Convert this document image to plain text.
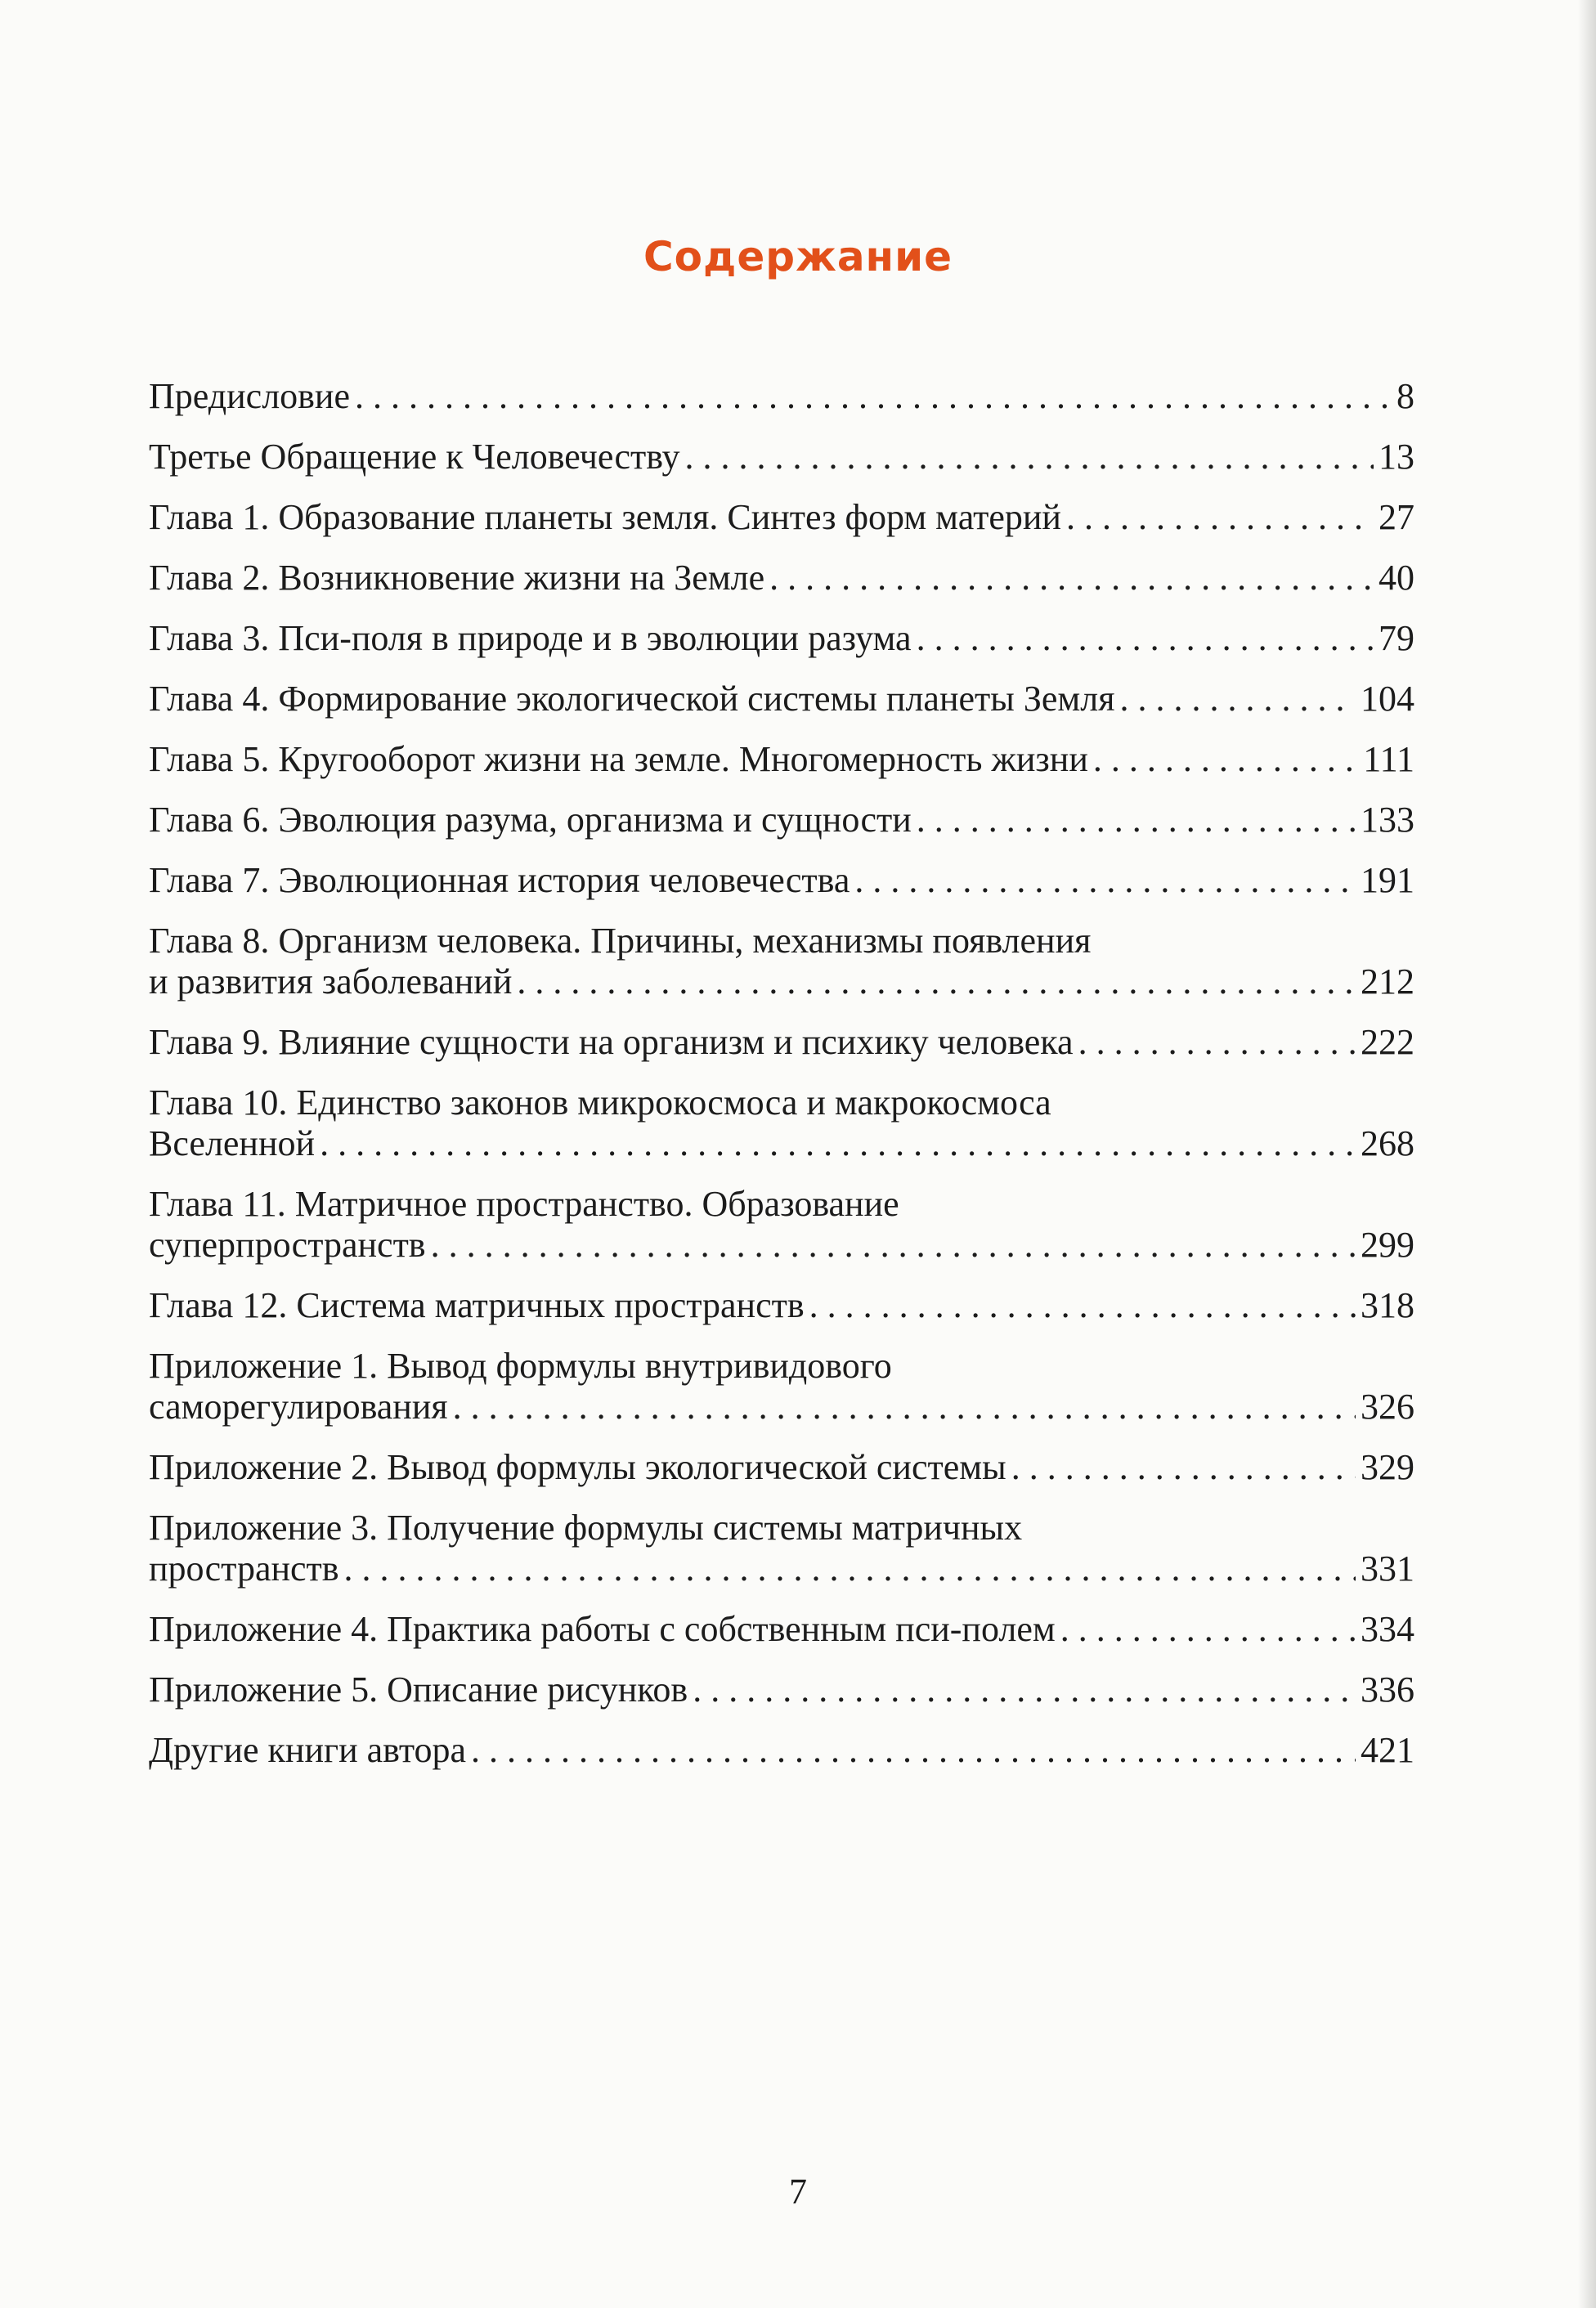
Содержание
Предисловие . . .	8
Третье Обращение к Человечеству . . .	13
Глава 1. Образование планеты земля. Синтез форм материй . . .	27
Глава 2. Возникновение жизни на Земле . . .	40
Глава 3. Пси-поля в природе и в эволюции разума . . .	79
Глава 4. Формирование экологической системы планеты Земля . . .	104
Глава 5. Кругооборот жизни на земле. Многомерность жизни . . .	111
Глава 6. Эволюция разума, организма и сущности . . .	133
Глава 7. Эволюционная история человечества . . .	191
Глава 8. Организм человека. Причины, механизмы появления
и развития заболеваний . . .	212
Глава 9. Влияние сущности на организм и психику человека . . .	222
Глава 10. Единство законов микрокосмоса и макрокосмоса
Вселенной . . .	268
Глава 11. Матричное пространство. Образование
суперпространств . . .	299
Глава 12. Система матричных пространств . . .	318
Приложение 1. Вывод формулы внутривидового
саморегулирования . . .	326
Приложение 2. Вывод формулы экологической системы . . .	329
Приложение 3. Получение формулы системы матричных
пространств . . .	331
Приложение 4. Практика работы с собственным пси-полем . . .	334
Приложение 5. Описание рисунков . . .	336
Другие книги автора . . .	421
7
